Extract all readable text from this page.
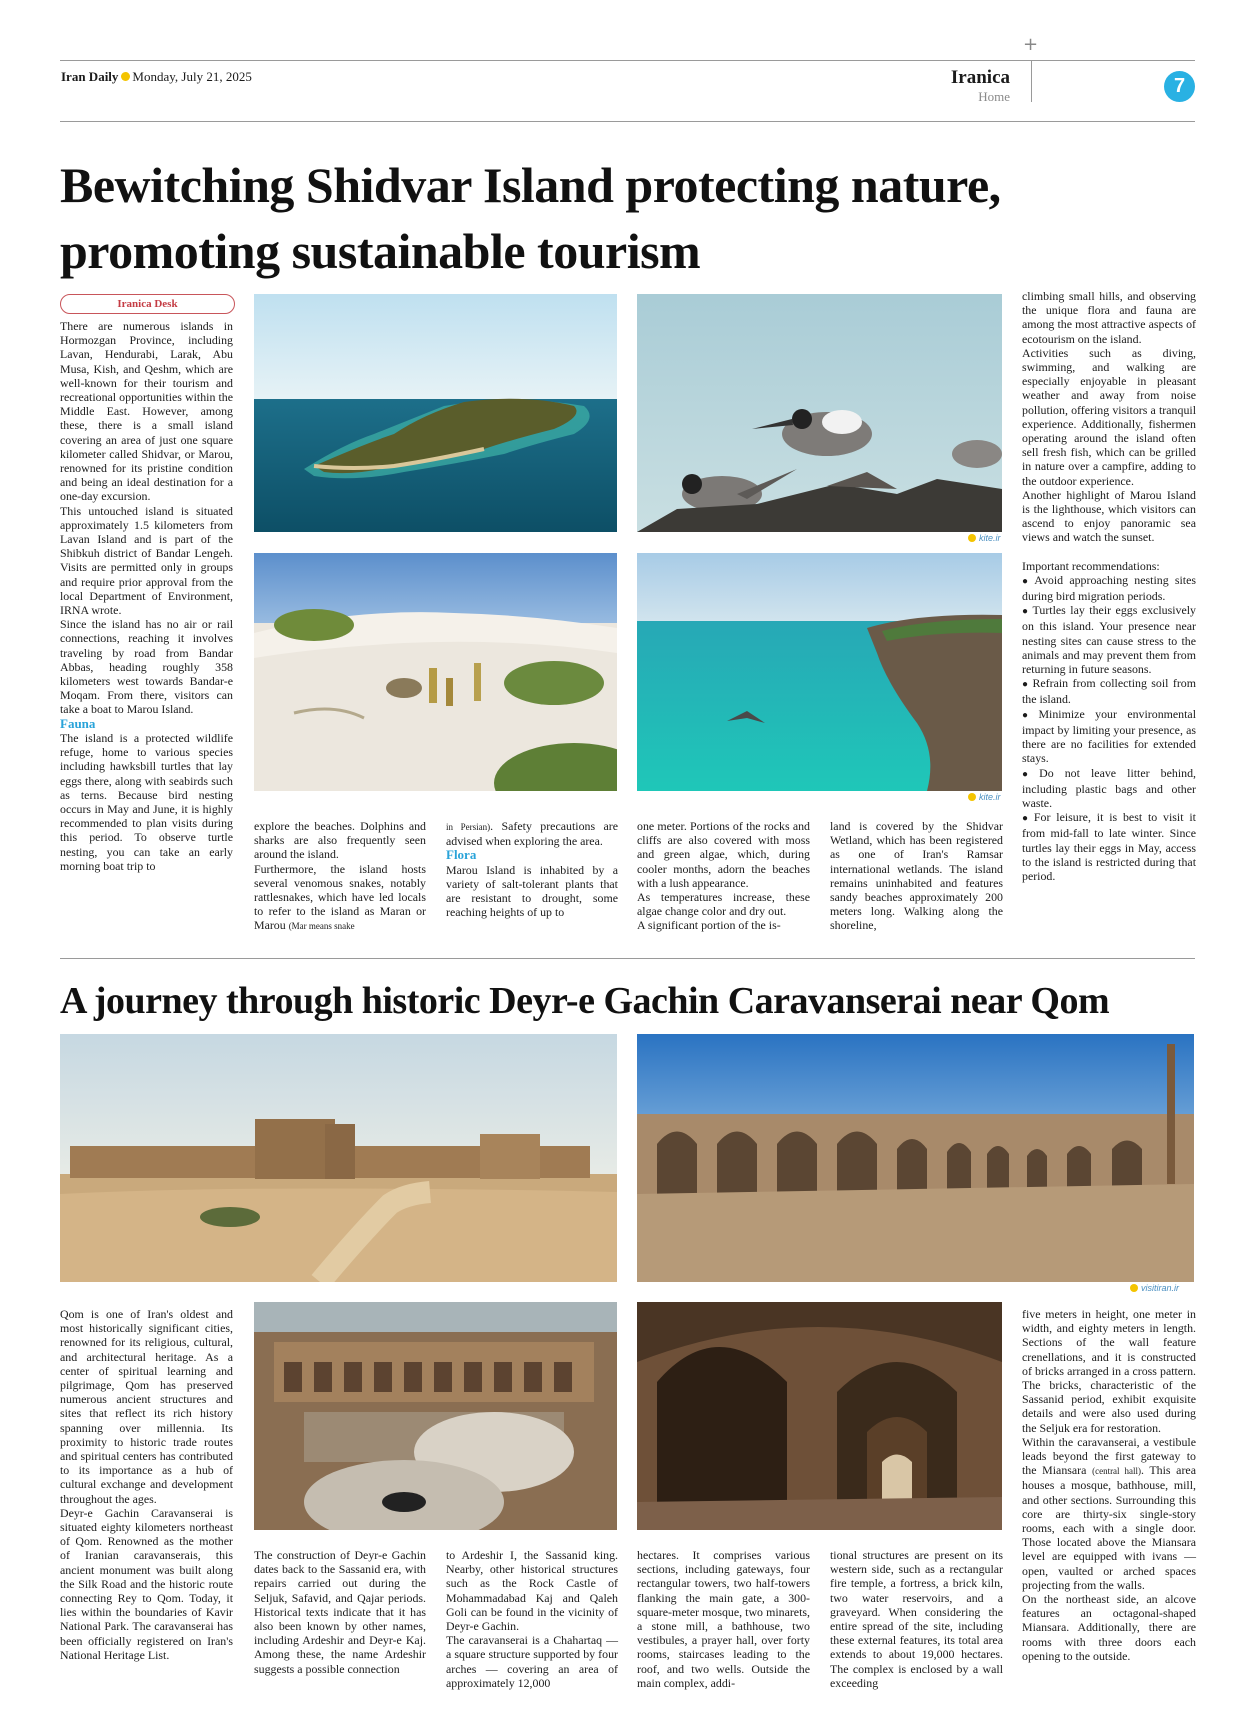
+
Iran Daily Monday, July 21, 2025	Iranica
Home	7
Bewitching Shidvar Island protecting nature,
promoting sustainable tourism
Iranica Desk

There are numerous islands in Hormozgan Province, including Lavan, Hendurabi, Larak, Abu Musa, Kish, and Qeshm, which are well-known for their tourism and recreational opportunities within the Middle East. However, among these, there is a small island covering an area of just one square kilometer called Shidvar, or Marou, renowned for its pristine condition and being an ideal destination for a one-day excursion.

This untouched island is situated approximately 1.5 kilometers from Lavan Island and is part of the Shibkuh district of Bandar Lengeh. Visits are permitted only in groups and require prior approval from the local Department of Environment, IRNA wrote.

Since the island has no air or rail connections, reaching it involves traveling by road from Bandar Abbas, heading roughly 358 kilometers west towards Bandar-e Moqam. From there, visitors can take a boat to Marou Island.

Fauna

The island is a protected wildlife refuge, home to various species including hawksbill turtles that lay eggs there, along with seabirds such as terns. Because bird nesting occurs in May and June, it is highly recommended to plan visits during this period. To observe turtle nesting, you can take an early morning boat trip to

kite.ir
kite.ir

explore the beaches. Dolphins and sharks are also frequently seen around the island.

Furthermore, the island hosts several venomous snakes, notably rattlesnakes, which have led locals to refer to the island as Maran or Marou (Mar means snake

in Persian). Safety precautions are advised when exploring the area.

Flora

Marou Island is inhabited by a variety of salt-tolerant plants that are resistant to drought, some reaching heights of up to

one meter. Portions of the rocks and cliffs are also covered with moss and green algae, which, during cooler months, adorn the beaches with a lush appearance.

As temperatures increase, these algae change color and dry out.

A significant portion of the is-

land is covered by the Shidvar Wetland, which has been registered as one of Iran's Ramsar international wetlands. The island remains uninhabited and features sandy beaches approximately 200 meters long. Walking along the shoreline,

climbing small hills, and observing the unique flora and fauna are among the most attractive aspects of ecotourism on the island.

Activities such as diving, swimming, and walking are especially enjoyable in pleasant weather and away from noise pollution, offering visitors a tranquil experience. Additionally, fishermen operating around the island often sell fresh fish, which can be grilled in nature over a campfire, adding to the outdoor experience.

Another highlight of Marou Island is the lighthouse, which visitors can ascend to enjoy panoramic sea views and watch the sunset.

Important recommendations:

● Avoid approaching nesting sites during bird migration periods.

● Turtles lay their eggs exclusively on this island. Your presence near nesting sites can cause stress to the animals and may prevent them from returning in future seasons.

● Refrain from collecting soil from the island.

● Minimize your environmental impact by limiting your presence, as there are no facilities for extended stays.

● Do not leave litter behind, including plastic bags and other waste.

● For leisure, it is best to visit it from mid-fall to late winter. Since turtles lay their eggs in May, access to the island is restricted during that period.

A journey through historic Deyr-e Gachin Caravanserai near Qom
visitiran.ir

Qom is one of Iran's oldest and most historically significant cities, renowned for its religious, cultural, and architectural heritage. As a center of spiritual learning and pilgrimage, Qom has preserved numerous ancient structures and sites that reflect its rich history spanning over millennia. Its proximity to historic trade routes and spiritual centers has contributed to its importance as a hub of cultural exchange and development throughout the ages.

Deyr-e Gachin Caravanserai is situated eighty kilometers northeast of Qom. Renowned as the mother of Iranian caravanserais, this ancient monument was built along the Silk Road and the historic route connecting Rey to Qom. Today, it lies within the boundaries of Kavir National Park. The caravanserai has been officially registered on Iran's National Heritage List.

The construction of Deyr-e Gachin dates back to the Sassanid era, with repairs carried out during the Seljuk, Safavid, and Qajar periods. Historical texts indicate that it has also been known by other names, including Ardeshir and Deyr-e Kaj. Among these, the name Ardeshir suggests a possible connection

to Ardeshir I, the Sassanid king. Nearby, other historical structures such as the Rock Castle of Mohammadabad Kaj and Qaleh Goli can be found in the vicinity of Deyr-e Gachin.

The caravanserai is a Chahartaq — a square structure supported by four arches — covering an area of approximately 12,000

hectares. It comprises various sections, including gateways, four rectangular towers, two half-towers flanking the main gate, a 300-square-meter mosque, two minarets, a stone mill, a bathhouse, two vestibules, a prayer hall, over forty rooms, staircases leading to the roof, and two wells. Outside the main complex, addi-

tional structures are present on its western side, such as a rectangular fire temple, a fortress, a brick kiln, two water reservoirs, and a graveyard. When considering the entire spread of the site, including these external features, its total area extends to about 19,000 hectares. The complex is enclosed by a wall exceeding

five meters in height, one meter in width, and eighty meters in length. Sections of the wall feature crenellations, and it is constructed of bricks arranged in a cross pattern. The bricks, characteristic of the Sassanid period, exhibit exquisite details and were also used during the Seljuk era for restoration.

Within the caravanserai, a vestibule leads beyond the first gateway to the Miansara (central hall). This area houses a mosque, bathhouse, mill, and other sections. Surrounding this core are thirty-six single-story rooms, each with a single door. Those located above the Miansara level are equipped with ivans — open, vaulted or arched spaces projecting from the walls.

On the northeast side, an alcove features an octagonal-shaped Miansara. Additionally, there are rooms with three doors each opening to the outside.
